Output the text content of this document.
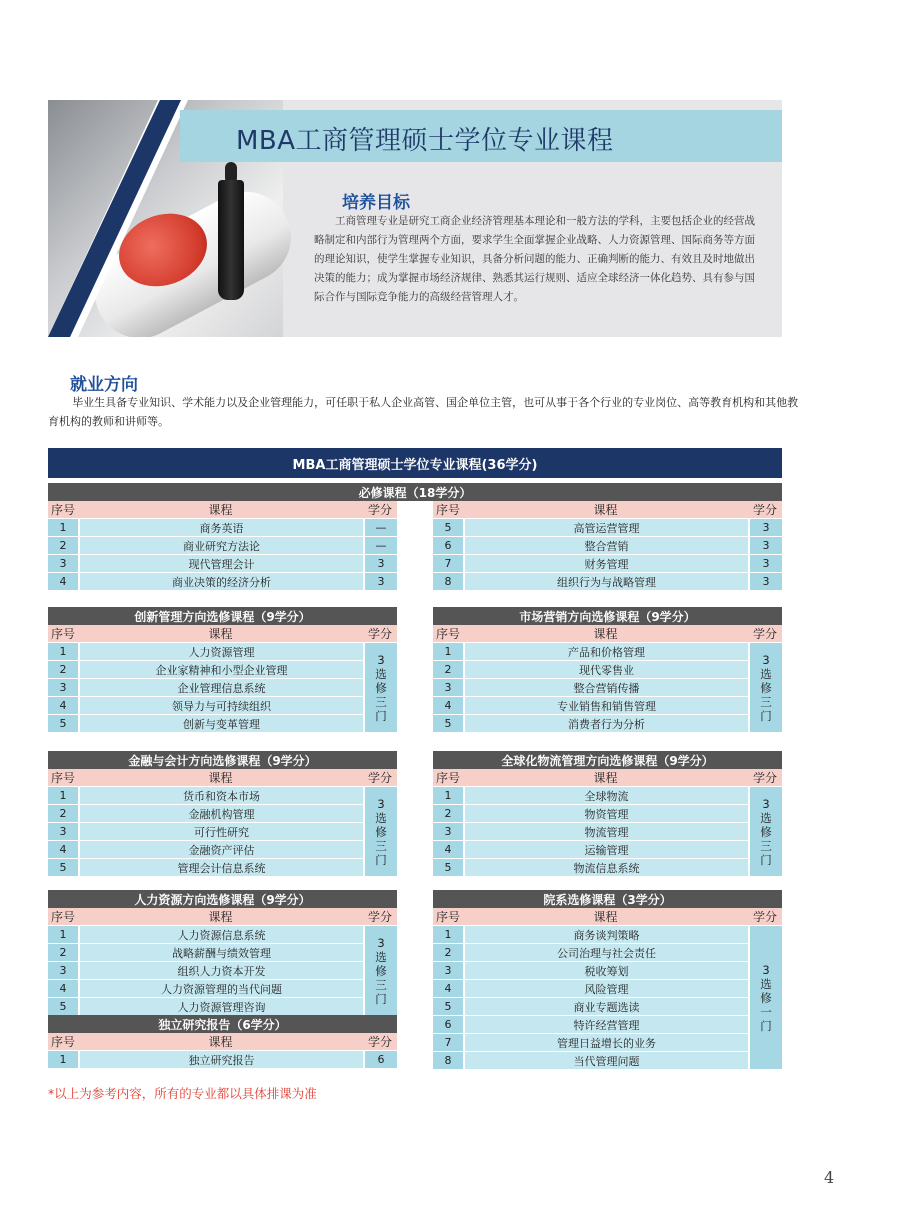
MBA工商管理硕士学位专业课程
培养目标
工商管理专业是研究工商企业经济管理基本理论和一般方法的学科，主要包括企业的经营战略制定和内部行为管理两个方面，要求学生全面掌握企业战略、人力资源管理、国际商务等方面的理论知识，使学生掌握专业知识，具备分析问题的能力、正确判断的能力、有效且及时地做出决策的能力；成为掌握市场经济规律、熟悉其运行规则、适应全球经济一体化趋势、具有参与国际合作与国际竞争能力的高级经营管理人才。
就业方向
毕业生具备专业知识、学术能力以及企业管理能力，可任职于私人企业高管、国企单位主管，也可从事于各个行业的专业岗位、高等教育机构和其他教育机构的教师和讲师等。
MBA工商管理硕士学位专业课程(36学分)
必修课程（18学分）
序号	课程	学分
1	商务英语	—
2	商业研究方法论	—
3	现代管理会计	3
4	商业决策的经济分析	3
序号	课程	学分
5	高管运营管理	3
6	整合营销	3
7	财务管理	3
8	组织行为与战略管理	3
创新管理方向选修课程（9学分）
序号	课程	学分
1	人力资源管理	3选修三门

2	企业家精神和小型企业管理	
3	企业管理信息系统	
4	领导力与可持续组织	
5	创新与变革管理	
市场营销方向选修课程（9学分）
序号	课程	学分
1	产品和价格管理	3选修三门

2	现代零售业	
3	整合营销传播	
4	专业销售和销售管理	
5	消费者行为分析	
金融与会计方向选修课程（9学分）
序号	课程	学分
1	货币和资本市场	3选修三门

2	金融机构管理	
3	可行性研究	
4	金融资产评估	
5	管理会计信息系统	
全球化物流管理方向选修课程（9学分）
序号	课程	学分
1	全球物流	3选修三门

2	物资管理	
3	物流管理	
4	运输管理	
5	物流信息系统	
人力资源方向选修课程（9学分）
序号	课程	学分
1	人力资源信息系统	3选修三门

2	战略薪酬与绩效管理	
3	组织人力资本开发	
4	人力资源管理的当代问题	
5	人力资源管理咨询	
独立研究报告（6学分）
序号	课程	学分
1	独立研究报告	6
院系选修课程（3学分）
序号	课程	学分
1	商务谈判策略	3选修一门

2	公司治理与社会责任	
3	税收筹划	
4	风险管理	
5	商业专题选读	
6	特许经营管理	
7	管理日益增长的业务	
8	当代管理问题	
*以上为参考内容，所有的专业都以具体排课为准
4
